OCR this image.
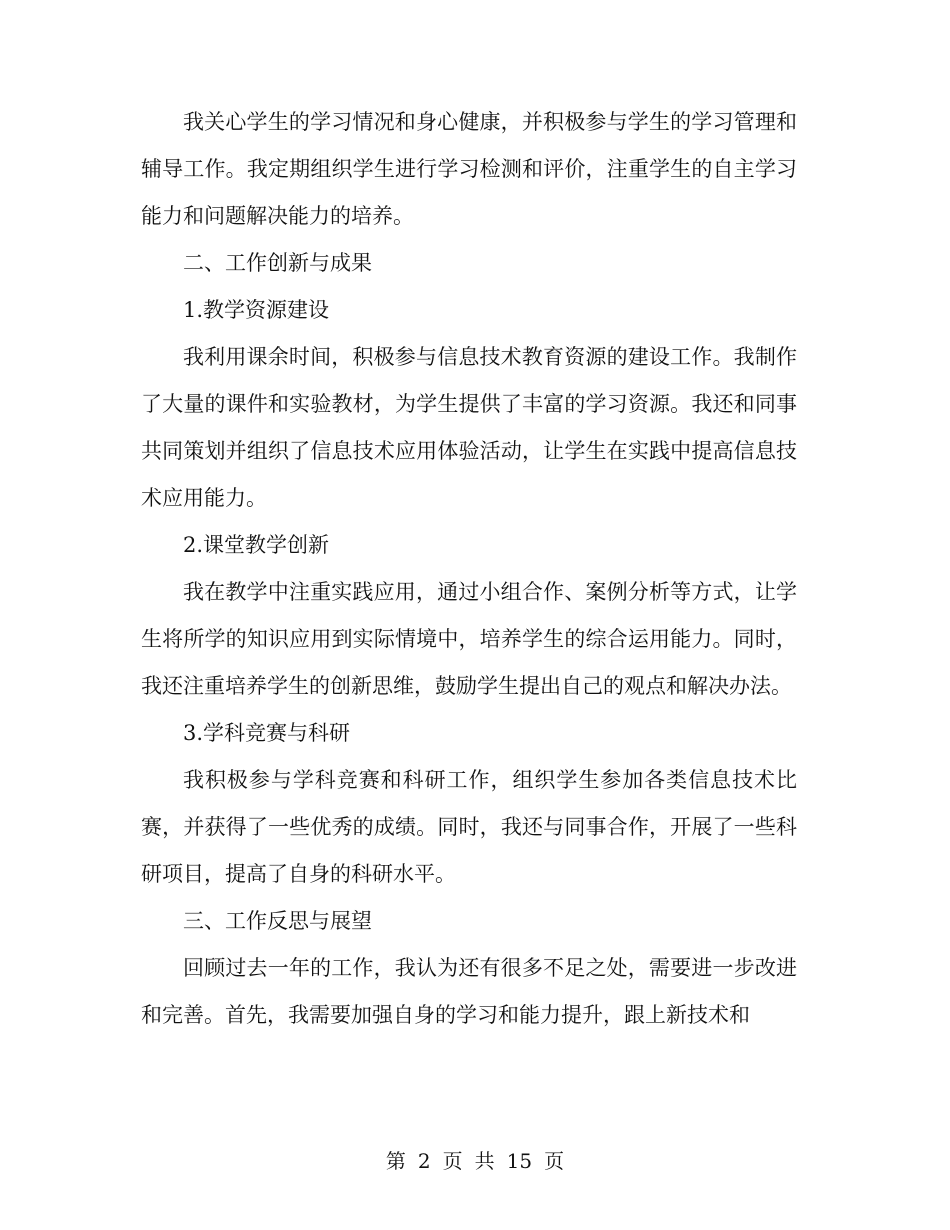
我关心学生的学习情况和身心健康，并积极参与学生的学习管理和辅导工作。我定期组织学生进行学习检测和评价，注重学生的自主学习能力和问题解决能力的培养。

二、工作创新与成果

1.教学资源建设

我利用课余时间，积极参与信息技术教育资源的建设工作。我制作了大量的课件和实验教材，为学生提供了丰富的学习资源。我还和同事共同策划并组织了信息技术应用体验活动，让学生在实践中提高信息技术应用能力。

2.课堂教学创新

我在教学中注重实践应用，通过小组合作、案例分析等方式，让学生将所学的知识应用到实际情境中，培养学生的综合运用能力。同时，我还注重培养学生的创新思维，鼓励学生提出自己的观点和解决办法。

3.学科竞赛与科研

我积极参与学科竞赛和科研工作，组织学生参加各类信息技术比赛，并获得了一些优秀的成绩。同时，我还与同事合作，开展了一些科研项目，提高了自身的科研水平。

三、工作反思与展望

回顾过去一年的工作，我认为还有很多不足之处，需要进一步改进和完善。首先，我需要加强自身的学习和能力提升，跟上新技术和

第 2 页 共 15 页
